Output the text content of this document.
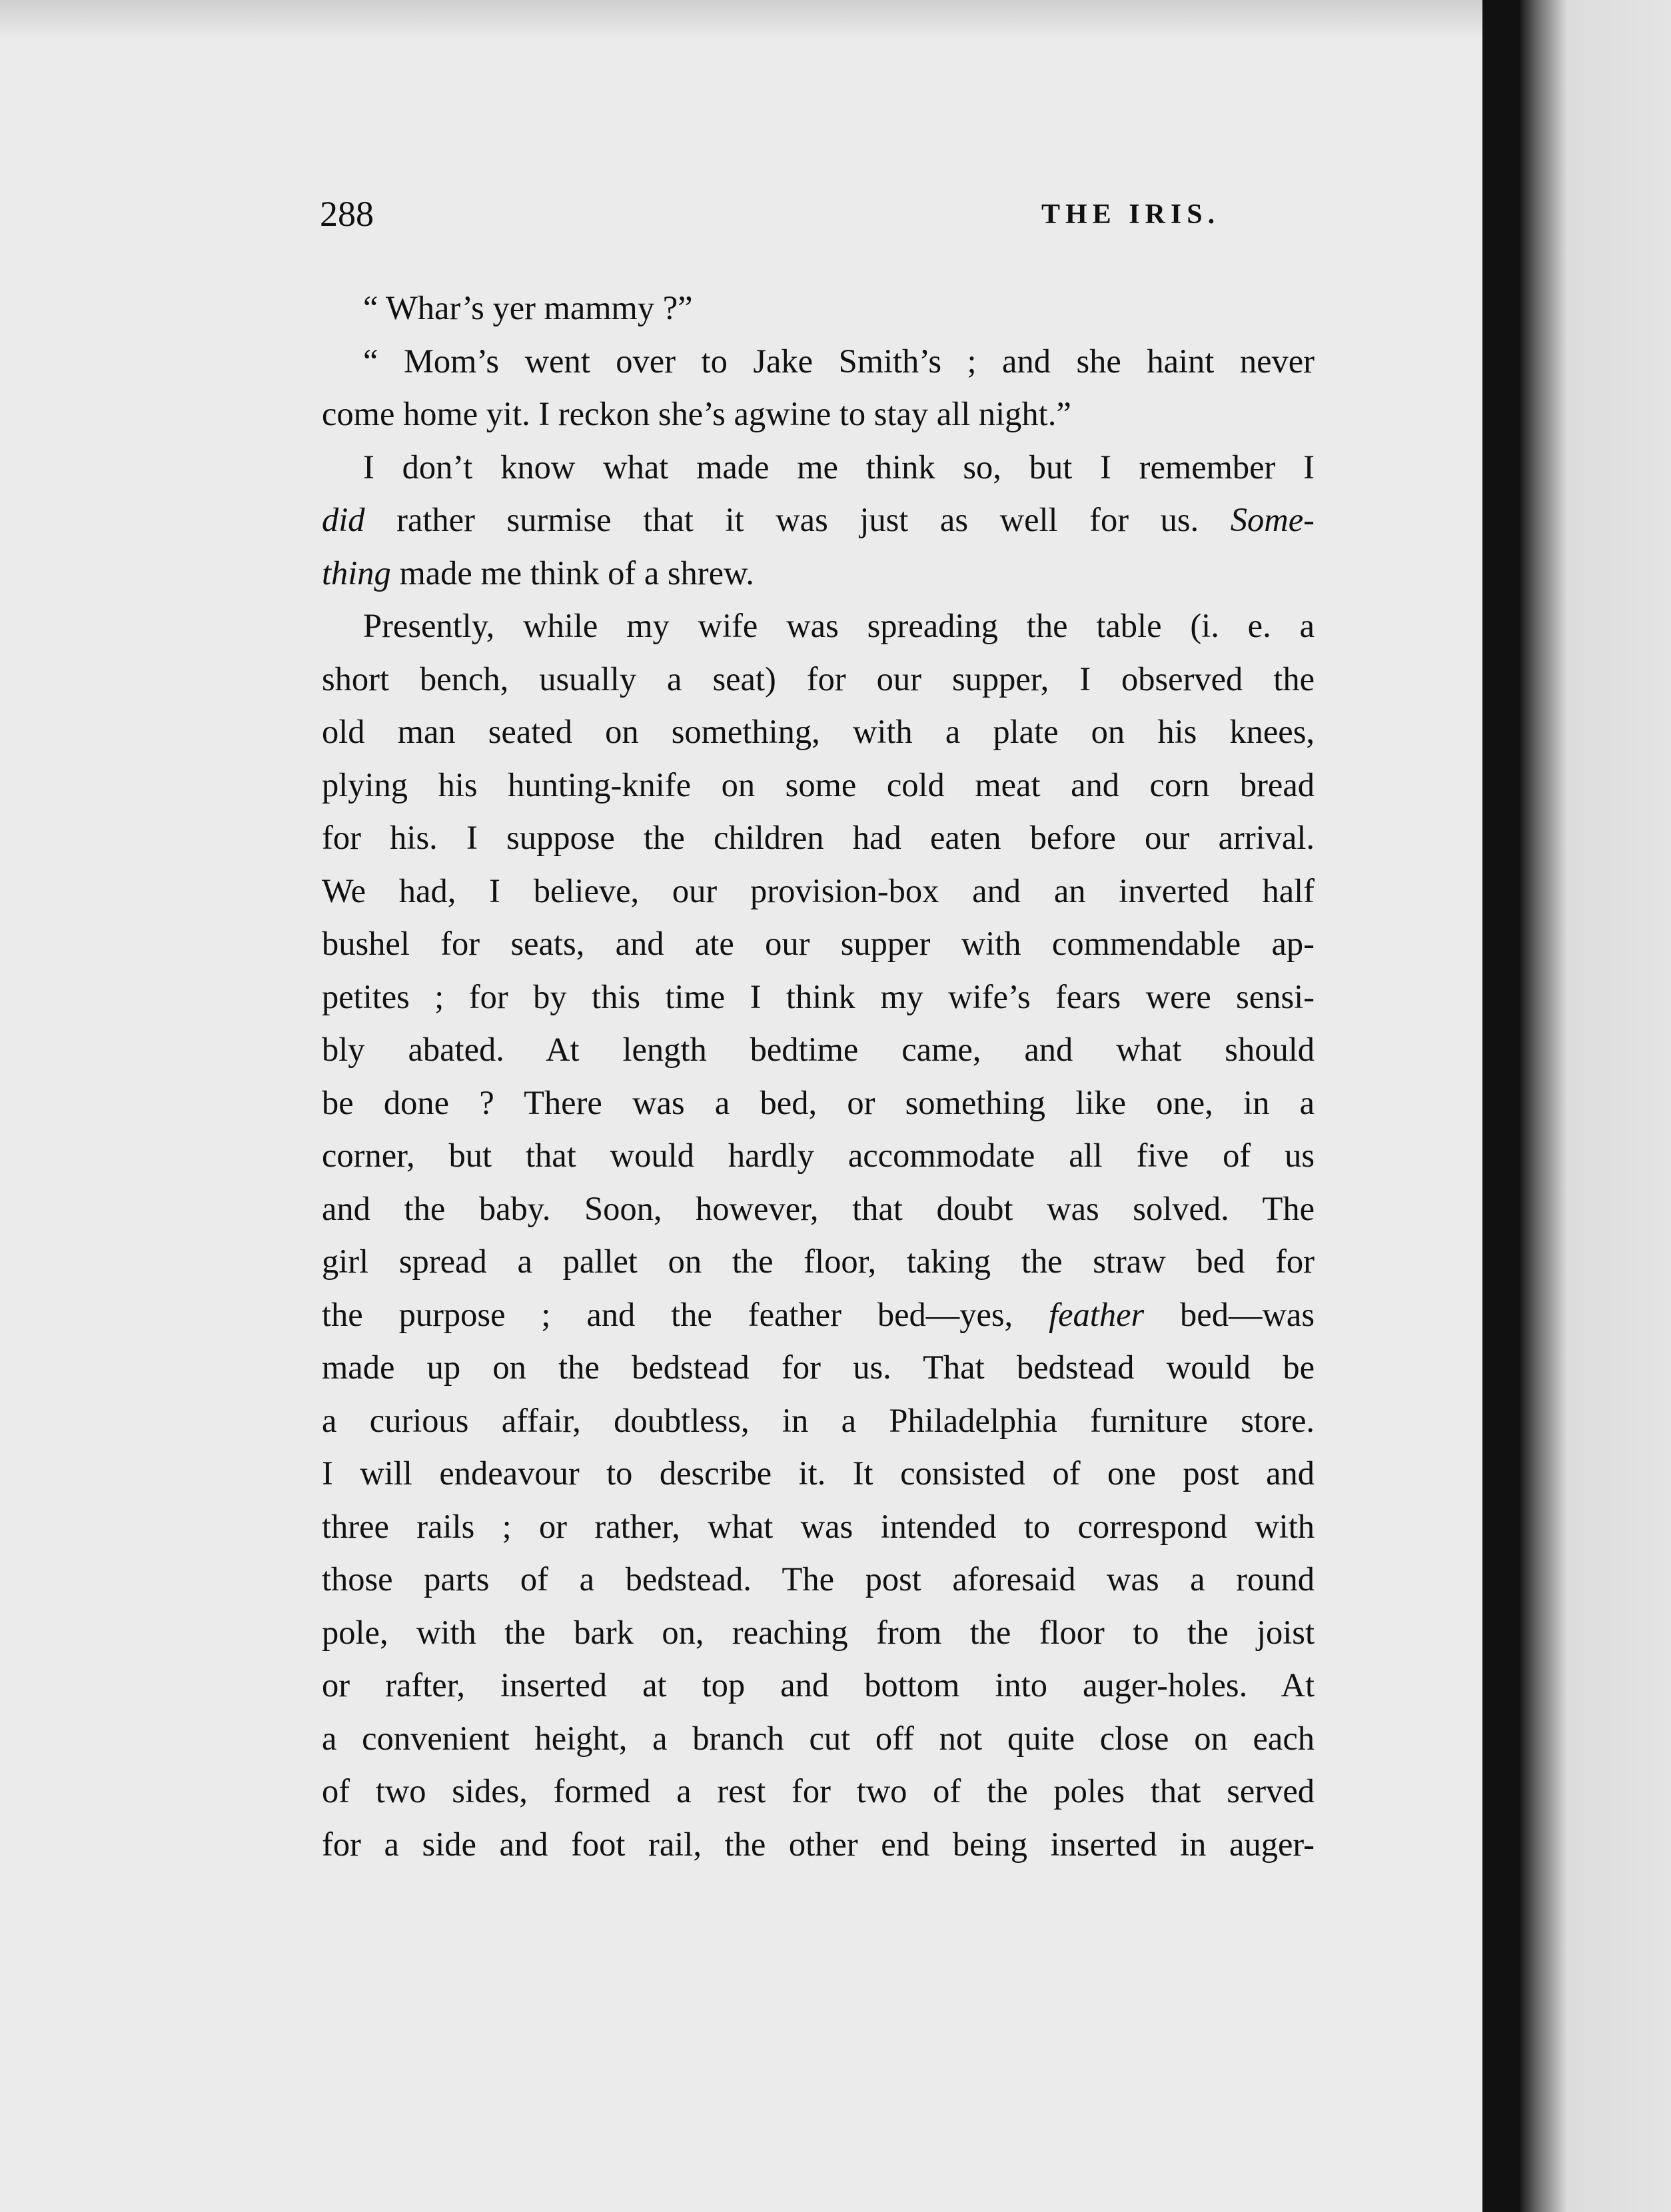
288	THE IRIS.
“ Whar’s yer mammy ?”
“ Mom’s went over to Jake Smith’s ; and she haint never
come home yit. I reckon she’s agwine to stay all night.”
I don’t know what made me think so, but I remember I
did rather surmise that it was just as well for us. Some-
thing made me think of a shrew.
Presently, while my wife was spreading the table (i. e. a
short bench, usually a seat) for our supper, I observed the
old man seated on something, with a plate on his knees,
plying his hunting-knife on some cold meat and corn bread
for his. I suppose the children had eaten before our arrival.
We had, I believe, our provision-box and an inverted half
bushel for seats, and ate our supper with commendable ap-
petites ; for by this time I think my wife’s fears were sensi-
bly abated. At length bedtime came, and what should
be done ? There was a bed, or something like one, in a
corner, but that would hardly accommodate all five of us
and the baby. Soon, however, that doubt was solved. The
girl spread a pallet on the floor, taking the straw bed for
the purpose ; and the feather bed—yes, feather bed—was
made up on the bedstead for us. That bedstead would be
a curious affair, doubtless, in a Philadelphia furniture store.
I will endeavour to describe it. It consisted of one post and
three rails ; or rather, what was intended to correspond with
those parts of a bedstead. The post aforesaid was a round
pole, with the bark on, reaching from the floor to the joist
or rafter, inserted at top and bottom into auger-holes. At
a convenient height, a branch cut off not quite close on each
of two sides, formed a rest for two of the poles that served
for a side and foot rail, the other end being inserted in auger-
